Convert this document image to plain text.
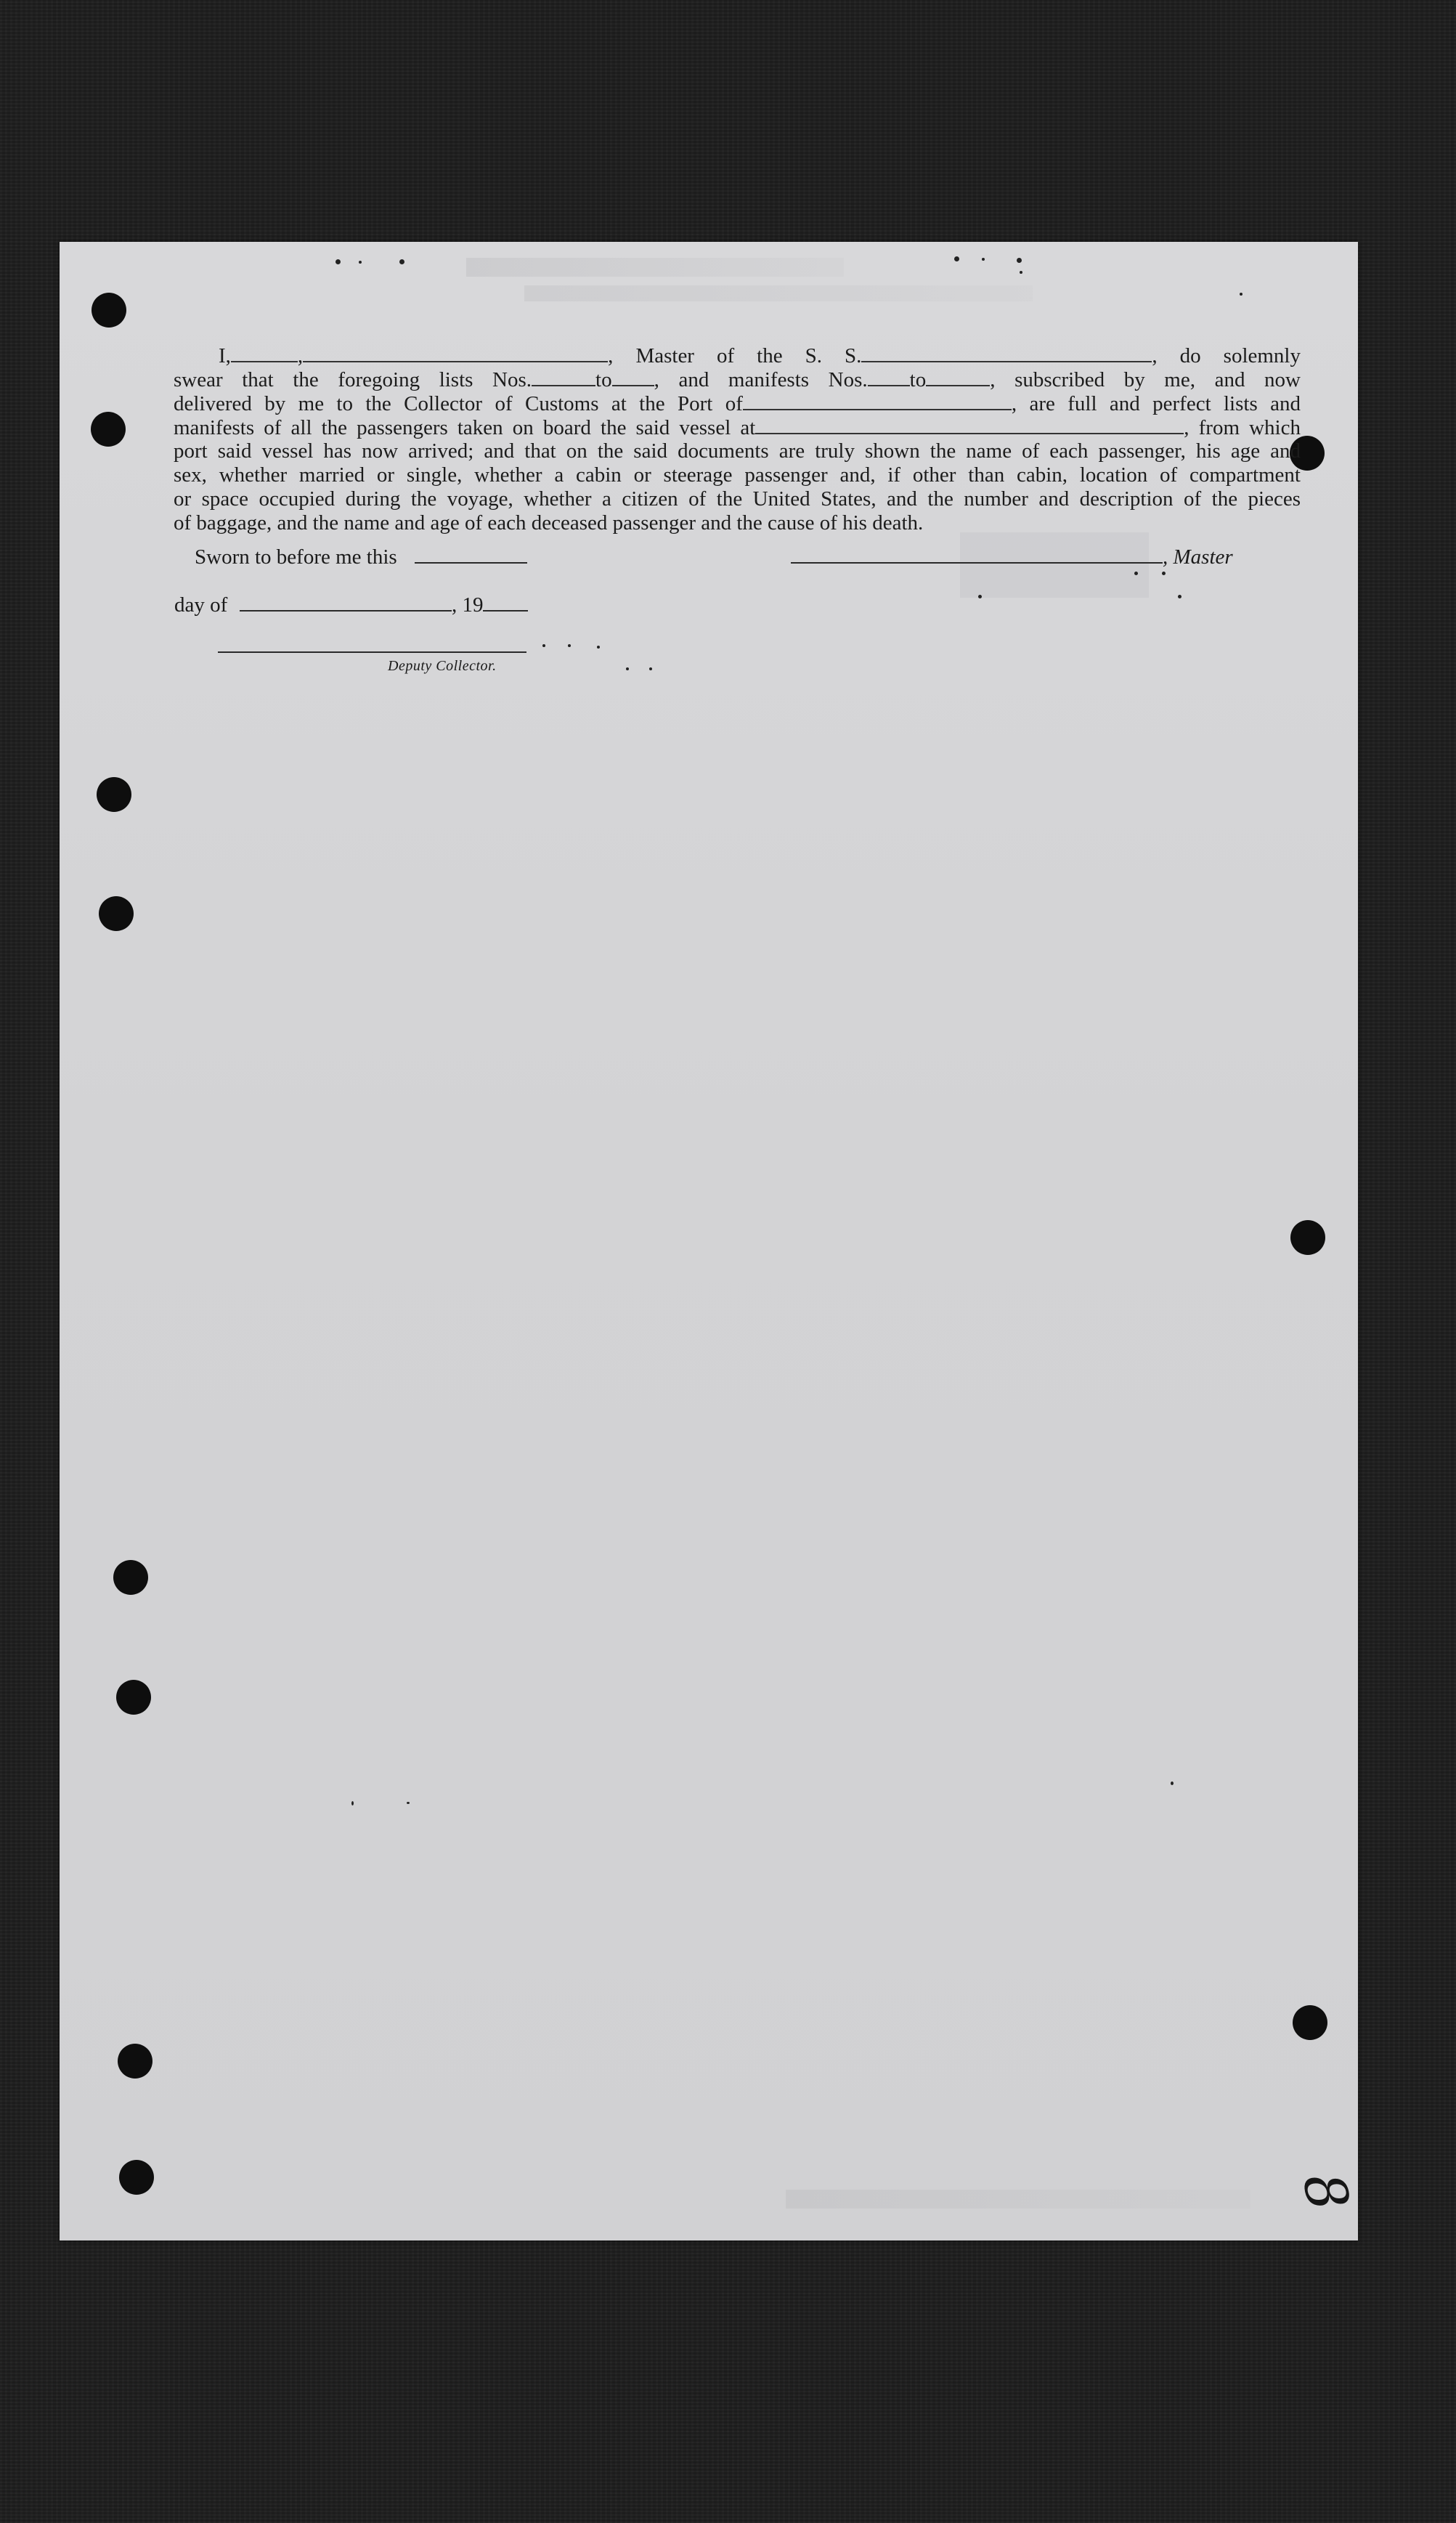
I,	,	, Master of the S. S.	, do solemnly
swear that the foregoing lists Nos.	to , and manifests Nos. to	, subscribed by me, and now
delivered by me to the Collector of Customs at the Port of	, are full and perfect lists and
manifests of all the passengers taken on board the said vessel at	, from which
port said vessel has now arrived; and that on the said documents are truly shown the name of each passenger, his age and
sex, whether married or single, whether a cabin or steerage passenger and, if other than cabin, location of compartment
or space occupied during the voyage, whether a citizen of the United States, and the number and description of the pieces
of baggage, and the name and age of each deceased passenger and the cause of his death.
Sworn to before me this	, Master
day of	, 19
Deputy Collector.
8
